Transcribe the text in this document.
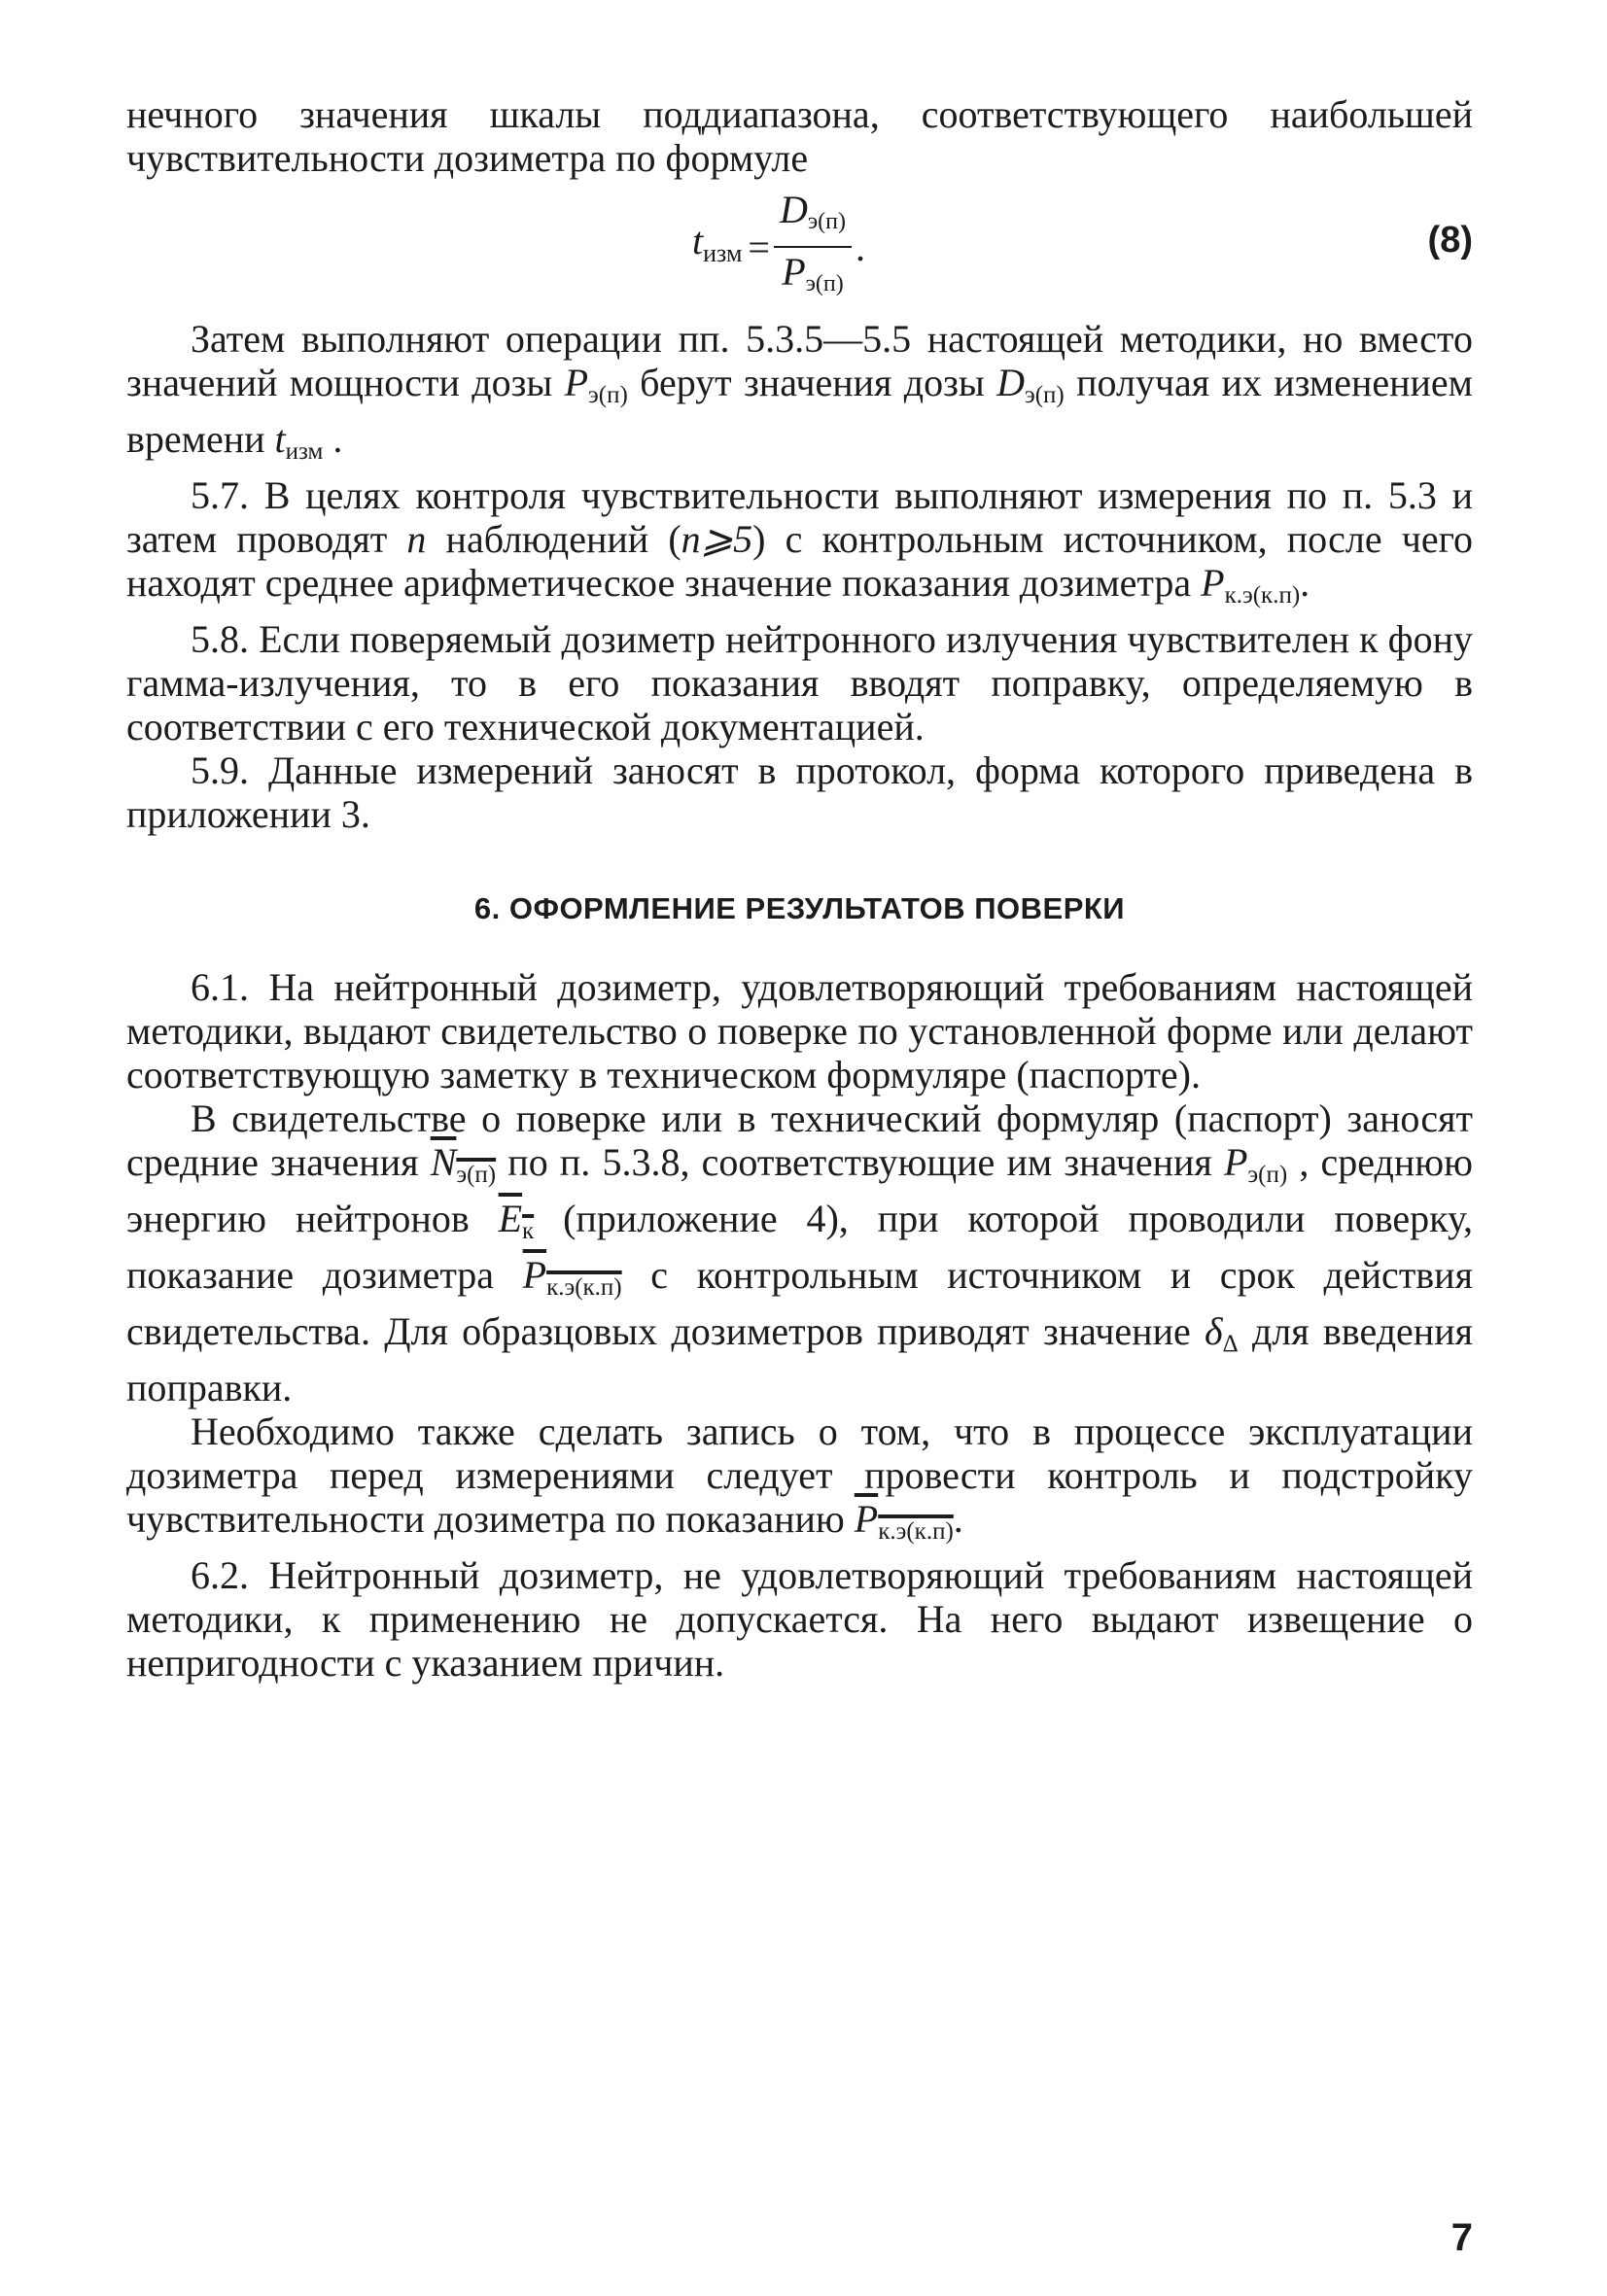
нечного значения шкалы поддиапазона, соответствующего наибольшей чувствительности дозиметра по формуле

$t_{изм} = \frac{D_{э(п)}}{P_{э(п)}}$ .	(8)

Затем выполняют операции пп. 5.3.5—5.5 настоящей методики, но вместо значений мощности дозы $P_{э(п)}$ берут значения дозы $D_{э(п)}$ получая их изменением времени $t_{изм}$ .

5.7. В целях контроля чувствительности выполняют измерения по п. 5.3 и затем проводят n наблюдений (n⩾5) с контрольным источником, после чего находят среднее арифметическое значение показания дозиметра $P_{к.э(к.п)}$.

5.8. Если поверяемый дозиметр нейтронного излучения чувствителен к фону гамма-излучения, то в его показания вводят поправку, определяемую в соответствии с его технической документацией.

5.9. Данные измерений заносят в протокол, форма которого приведена в приложении 3.

6. ОФОРМЛЕНИЕ РЕЗУЛЬТАТОВ ПОВЕРКИ

6.1. На нейтронный дозиметр, удовлетворяющий требованиям настоящей методики, выдают свидетельство о поверке по установленной форме или делают соответствующую заметку в техническом формуляре (паспорте).

В свидетельстве о поверке или в технический формуляр (паспорт) заносят средние значения $N_{э(п)}$ по п. 5.3.8, соответствующие им значения $P_{э(п)}$ , среднюю энергию нейтронов $E_к$ (приложение 4), при которой проводили поверку, показание дозиметра $P_{к.э(к.п)}$ с контрольным источником и срок действия свидетельства. Для образцовых дозиметров приводят значение $\delta_\Delta$ для введения поправки.

Необходимо также сделать запись о том, что в процессе эксплуатации дозиметра перед измерениями следует провести контроль и подстройку чувствительности дозиметра по показанию $P_{к.э(к.п)}$.

6.2. Нейтронный дозиметр, не удовлетворяющий требованиям настоящей методики, к применению не допускается. На него выдают извещение о непригодности с указанием причин.

7
